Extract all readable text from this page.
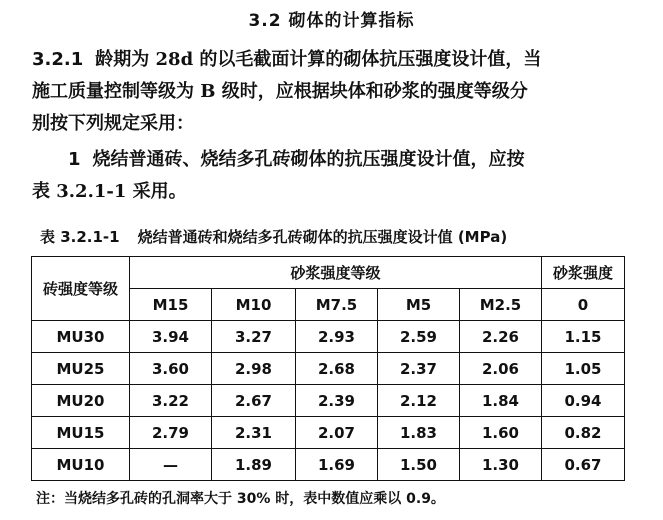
3.2 砌体的计算指标
3.2.1 龄期为 28d 的以毛截面计算的砌体抗压强度设计值，当
施工质量控制等级为 B 级时，应根据块体和砂浆的强度等级分
别按下列规定采用：
1 烧结普通砖、烧结多孔砖砌体的抗压强度设计值，应按
表 3.2.1-1 采用。
表 3.2.1-1 烧结普通砖和烧结多孔砖砌体的抗压强度设计值 (MPa)
砖强度等级	砂浆强度等级					砂浆强度
	M15	M10	M7.5	M5	M2.5	0
MU30	3.94	3.27	2.93	2.59	2.26	1.15
MU25	3.60	2.98	2.68	2.37	2.06	1.05
MU20	3.22	2.67	2.39	2.12	1.84	0.94
MU15	2.79	2.31	2.07	1.83	1.60	0.82
MU10	—	1.89	1.69	1.50	1.30	0.67
注：当烧结多孔砖的孔洞率大于 30% 时，表中数值应乘以 0.9。
